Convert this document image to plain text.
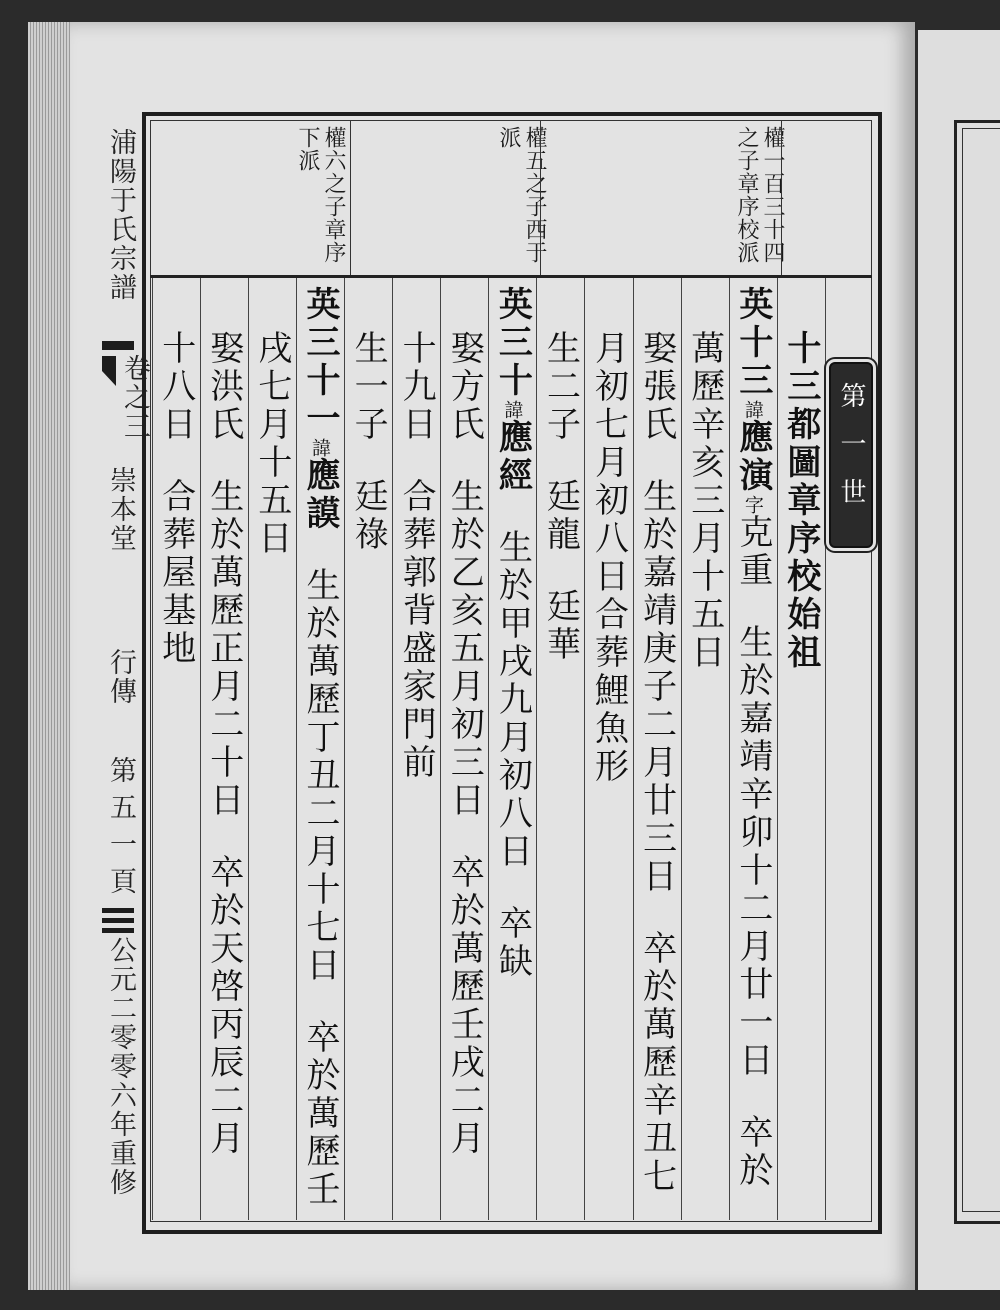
浦陽于氏宗譜
卷之三
崇本堂
行傳
第五一頁
公元二零零六年重修
權六之子章序下派	權五之子西于派	權一百三十四之子章序校派
十三都圖章序校始祖
英十三諱應演字克重生於嘉靖辛卯十二月廿一日卒於
萬歷辛亥三月十五日
娶張氏生於嘉靖庚子二月廿三日卒於萬歷辛丑七
月初七月初八日合葬鯉魚形
生二子廷龍廷華
英三十諱應經生於甲戌九月初八日卒缺
娶方氏生於乙亥五月初三日卒於萬歷壬戌二月
十九日合葬郭背盛家門前
生一子廷祿
英三十一諱應謨生於萬歷丁丑二月十七日卒於萬歷壬
戌七月十五日
娶洪氏生於萬歷正月二十日卒於天啓丙辰二月
十八日合葬屋基地
第一世
